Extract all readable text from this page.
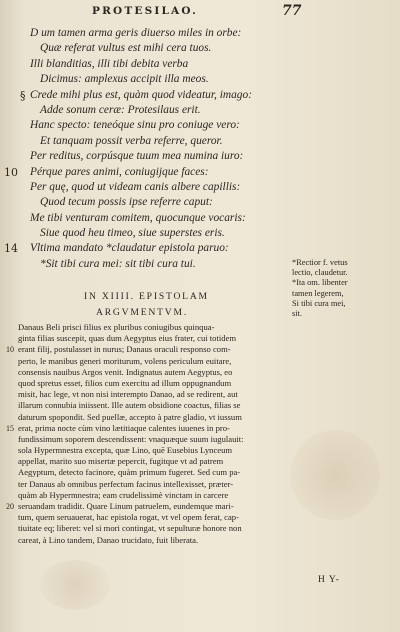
PROTESILAO.	77
D um tamen arma geris diuerso miles in orbe:
Quæ referat vultus est mihi cera tuos.
Illi blanditias, illi tibi debita verba
Dicimus: amplexus accipit illa meos.
§ Crede mihi plus est, quàm quod videatur, imago:
Adde sonum ceræ: Protesilaus erit.
Hanc specto: teneóque sinu pro coniuge vero:
Et tanquam possit verba referre, queror.
Per reditus, corpúsque tuum mea numina iuro:
10 Pérque pares animi, coniugijque faces:
Per quę, quod ut videam canis albere capillis:
Quod tecum possis ipse referre caput:
Me tibi venturam comitem, quocunque vocaris:
Siue quod heu timeo, siue superstes eris.
14 Vltima mandato *claudatur epistola paruo:
*Sit tibi cura mei: sit tibi cura tui.	*Rectior f. vetus
lectio, claudetur.
*Ita om. libenter
tamen legerem,
Si tibi cura mei,
sit.
IN XIIII. EPISTOLAM
ARGVMENTVM.
Danaus Beli prisci filius ex pluribus coniugibus quinqua-
ginta filias suscepit, quas dum Aegyptus eius frater, cui totidem
10 erant filij, postulasset in nurus; Danaus oraculi responso com-
perto, le manibus generi moriturum, volens periculum euitare,
consensis nauibus Argos venit. Indignatus autem Aegyptus, eo
quod spretus esset, filios cum exercitu ad illum oppugnandum
misit, hac lege, vt non nisi interempto Danao, ad se redirent, aut
illarum connubia iniissent. Ille autem obsidione coactus, filias se
daturum spopondit. Sed puellæ, accepto à patre gladio, vt iussum
15 erat, prima nocte cùm vino lætitiaque calentes iuuenes in pro-
fundissimum soporem descendissent: vnaquæque suum iugulauit:
sola Hypermnestra excepta, quæ Lino, quē Eusebius Lynceum
appellat, marito suo misertæ pepercit, fugitque vt ad patrem
Aegyptum, detecto facinore, quàm primum fugeret. Sed cum pa-
ter Danaus ab omnibus perfectum facinus intellexisset, præter-
quàm ab Hypermnestra; eam crudelissimè vinctam in carcere
20 seruandam tradidit. Quare Linum patruelem, eundemque mari-
tum, quem seruauerat, hac epistola rogat, vt vel opem ferat, cap-
tiuitate eq; liberet: vel si mori contingat, vt sepulturæ honore non
careat, à Lino tandem, Danao trucidato, fuit liberata.
H Y-
